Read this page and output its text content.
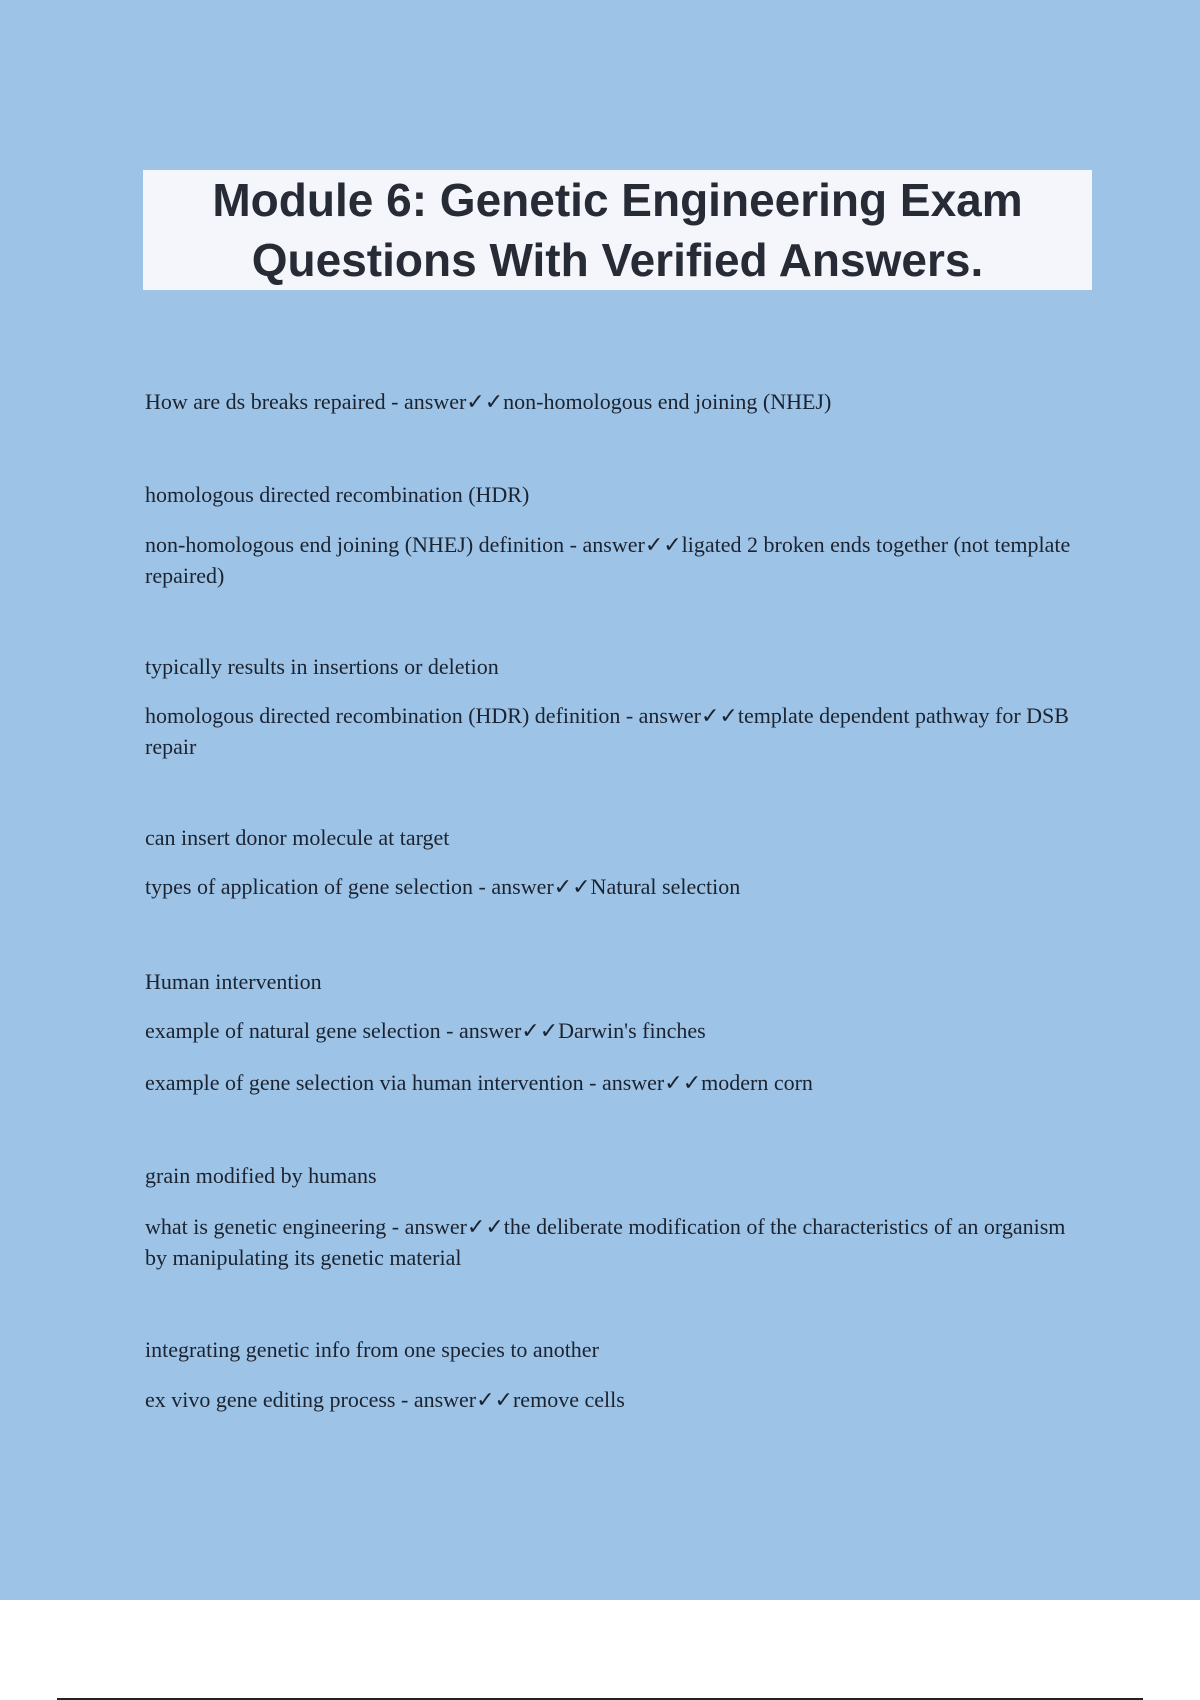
Module 6: Genetic Engineering Exam
Questions With Verified Answers.

How are ds breaks repaired - answer✓✓non-homologous end joining (NHEJ)

homologous directed recombination (HDR)

non-homologous end joining (NHEJ) definition - answer✓✓ligated 2 broken ends together (not template repaired)

typically results in insertions or deletion

homologous directed recombination (HDR) definition - answer✓✓template dependent pathway for DSB repair

can insert donor molecule at target

types of application of gene selection - answer✓✓Natural selection

Human intervention

example of natural gene selection - answer✓✓Darwin's finches

example of gene selection via human intervention - answer✓✓modern corn

grain modified by humans

what is genetic engineering - answer✓✓the deliberate modification of the characteristics of an organism by manipulating its genetic material

integrating genetic info from one species to another

ex vivo gene editing process - answer✓✓remove cells
